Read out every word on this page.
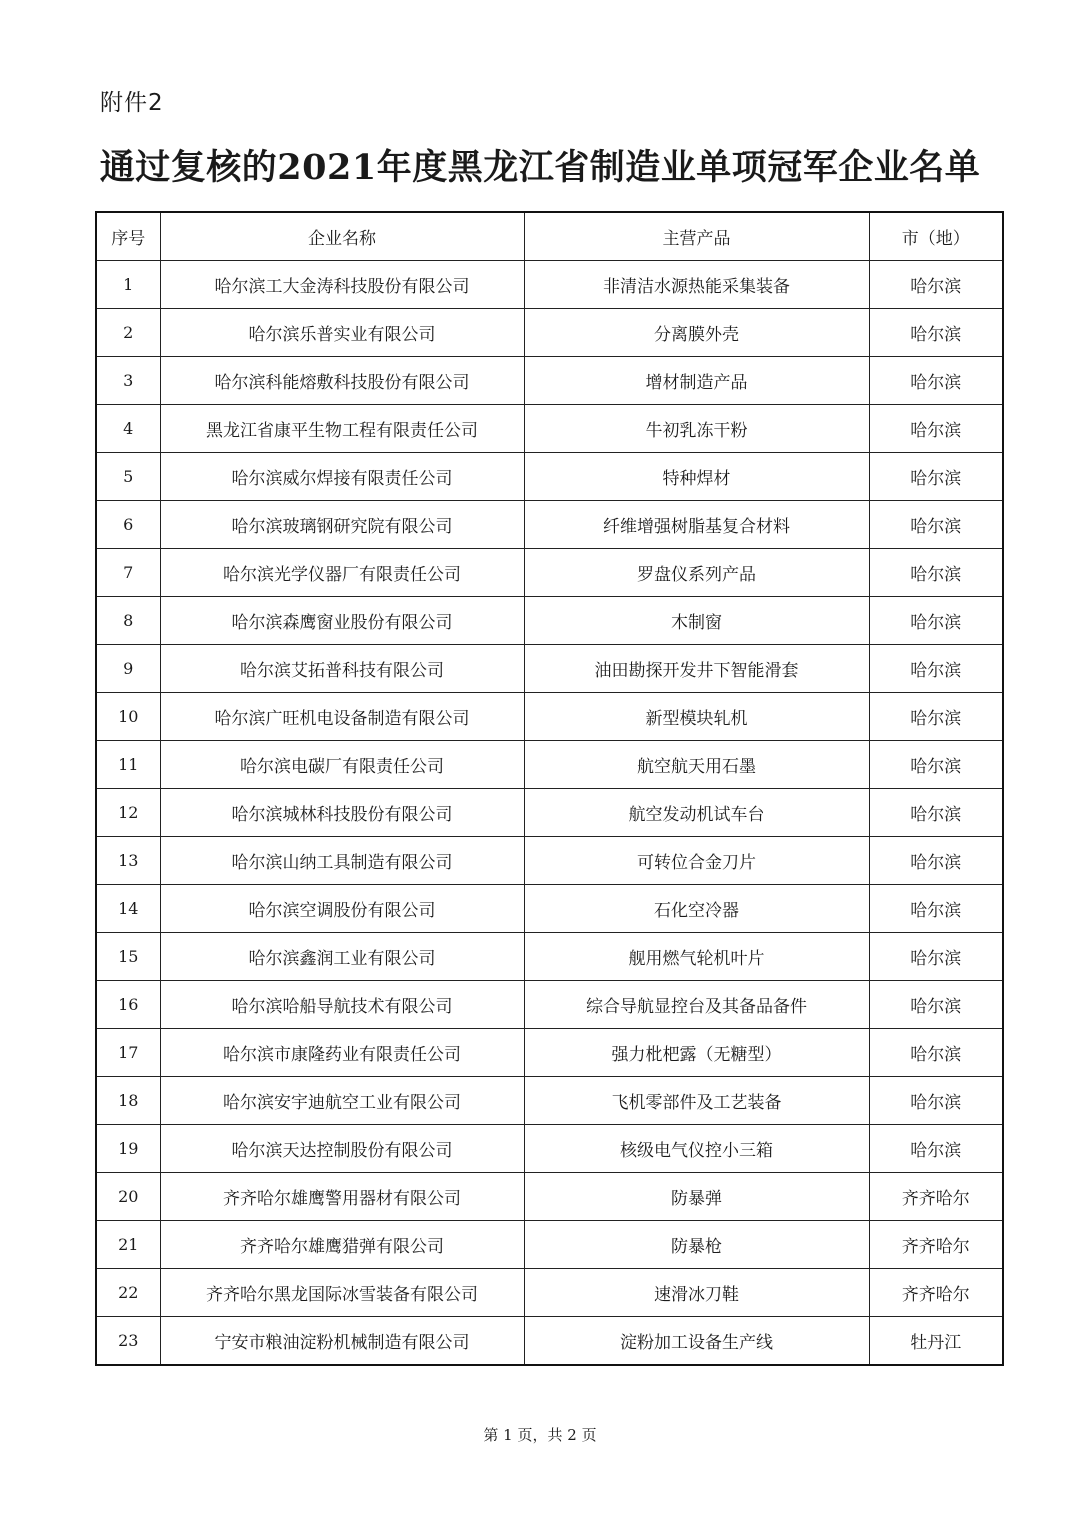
附件2
通过复核的2021年度黑龙江省制造业单项冠军企业名单
序号	企业名称	主营产品	市（地）
1	哈尔滨工大金涛科技股份有限公司	非清洁水源热能采集装备	哈尔滨
2	哈尔滨乐普实业有限公司	分离膜外壳	哈尔滨
3	哈尔滨科能熔敷科技股份有限公司	增材制造产品	哈尔滨
4	黑龙江省康平生物工程有限责任公司	牛初乳冻干粉	哈尔滨
5	哈尔滨威尔焊接有限责任公司	特种焊材	哈尔滨
6	哈尔滨玻璃钢研究院有限公司	纤维增强树脂基复合材料	哈尔滨
7	哈尔滨光学仪器厂有限责任公司	罗盘仪系列产品	哈尔滨
8	哈尔滨森鹰窗业股份有限公司	木制窗	哈尔滨
9	哈尔滨艾拓普科技有限公司	油田勘探开发井下智能滑套	哈尔滨
10	哈尔滨广旺机电设备制造有限公司	新型模块轧机	哈尔滨
11	哈尔滨电碳厂有限责任公司	航空航天用石墨	哈尔滨
12	哈尔滨城林科技股份有限公司	航空发动机试车台	哈尔滨
13	哈尔滨山纳工具制造有限公司	可转位合金刀片	哈尔滨
14	哈尔滨空调股份有限公司	石化空冷器	哈尔滨
15	哈尔滨鑫润工业有限公司	舰用燃气轮机叶片	哈尔滨
16	哈尔滨哈船导航技术有限公司	综合导航显控台及其备品备件	哈尔滨
17	哈尔滨市康隆药业有限责任公司	强力枇杷露（无糖型）	哈尔滨
18	哈尔滨安宇迪航空工业有限公司	飞机零部件及工艺装备	哈尔滨
19	哈尔滨天达控制股份有限公司	核级电气仪控小三箱	哈尔滨
20	齐齐哈尔雄鹰警用器材有限公司	防暴弹	齐齐哈尔
21	齐齐哈尔雄鹰猎弹有限公司	防暴枪	齐齐哈尔
22	齐齐哈尔黑龙国际冰雪装备有限公司	速滑冰刀鞋	齐齐哈尔
23	宁安市粮油淀粉机械制造有限公司	淀粉加工设备生产线	牡丹江
第 1 页，共 2 页
